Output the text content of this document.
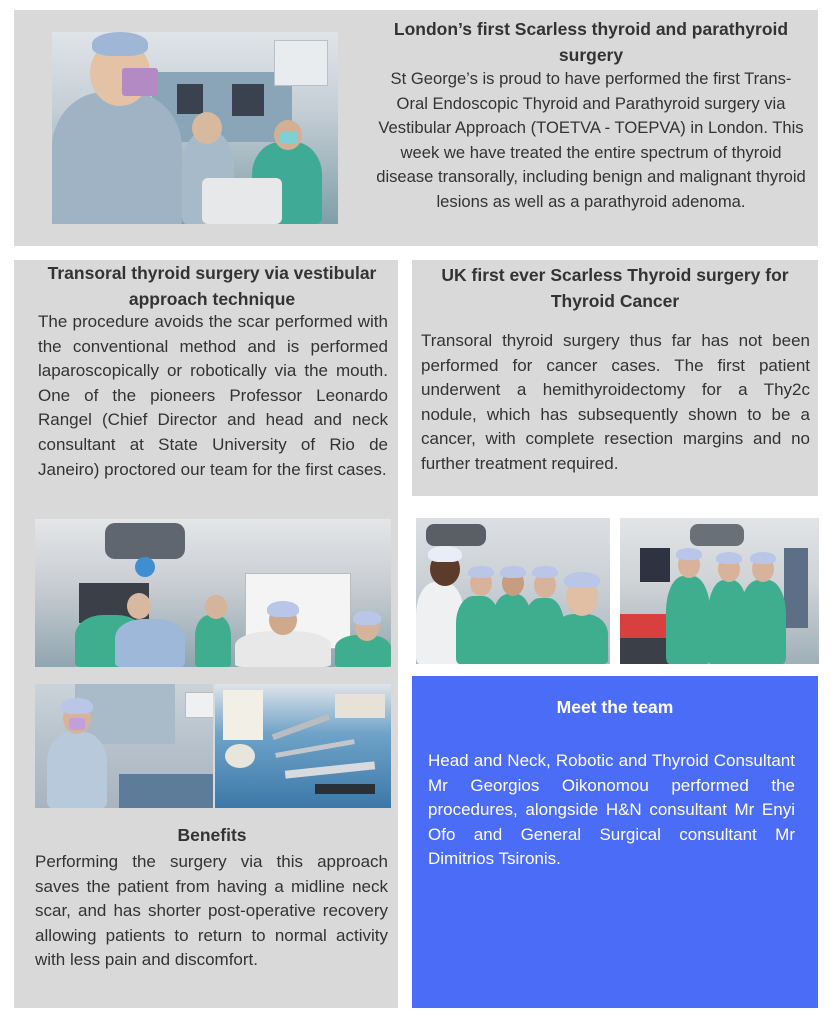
London’s first Scarless thyroid and parathyroid surgery

St George’s is proud to have performed the first Trans-Oral Endoscopic Thyroid and Parathyroid surgery via Vestibular Approach (TOETVA - TOEPVA) in London. This week we have treated the entire spectrum of thyroid disease transorally, including benign and malignant thyroid lesions as well as a parathyroid adenoma.

Transoral thyroid surgery via vestibular approach technique

The procedure avoids the scar performed with the conventional method and is performed laparoscopically or robotically via the mouth. One of the pioneers Professor Leonardo Rangel (Chief Director and head and neck consultant at State University of Rio de Janeiro) proctored our team for the first cases.

Benefits

Performing the surgery via this approach saves the patient from having a midline neck scar, and has shorter post-operative recovery allowing patients to return to normal activity with less pain and discomfort.

UK first ever Scarless Thyroid surgery for Thyroid Cancer

Transoral thyroid surgery thus far has not been performed for cancer cases. The first patient underwent a hemithyroidectomy for a Thy2c nodule, which has subsequently shown to be a cancer, with complete resection margins and no further treatment required.

Meet the team

Head and Neck, Robotic and Thyroid Consultant Mr Georgios Oikonomou performed the procedures, alongside H&N consultant Mr Enyi Ofo and General Surgical consultant Mr Dimitrios Tsironis.
